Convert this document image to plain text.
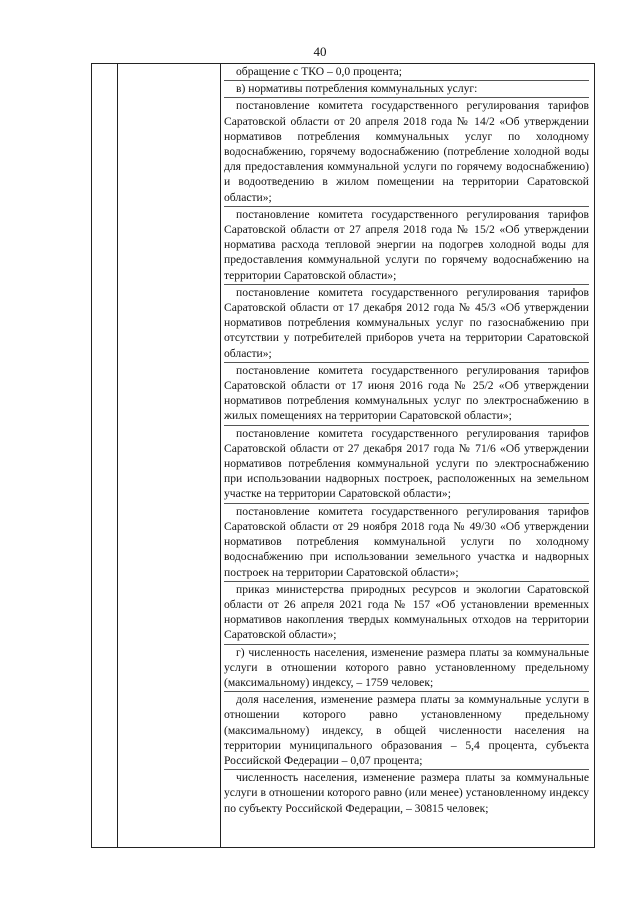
40

обращение с ТКО – 0,0 процента;

в) нормативы потребления коммунальных услуг:

постановление комитета государственного регулирования тарифов Саратовской области от 20 апреля 2018 года № 14/2 «Об утверждении нормативов потребления коммунальных услуг по холодному водоснабжению, горячему водоснабжению (потребление холодной воды для предоставления коммунальной услуги по горячему водоснабжению) и водоотведению в жилом помещении на территории Саратовской области»;

постановление комитета государственного регулирования тарифов Саратовской области от 27 апреля 2018 года № 15/2 «Об утверждении норматива расхода тепловой энергии на подогрев холодной воды для предоставления коммунальной услуги по горячему водоснабжению на территории Саратовской области»;

постановление комитета государственного регулирования тарифов Саратовской области от 17 декабря 2012 года № 45/3 «Об утверждении нормативов потребления коммунальных услуг по газоснабжению при отсутствии у потребителей приборов учета на территории Саратовской области»;

постановление комитета государственного регулирования тарифов Саратовской области от 17 июня 2016 года № 25/2 «Об утверждении нормативов потребления коммунальных услуг по электроснабжению в жилых помещениях на территории Саратовской области»;

постановление комитета государственного регулирования тарифов Саратовской области от 27 декабря 2017 года № 71/6 «Об утверждении нормативов потребления коммунальной услуги по электроснабжению при использовании надворных построек, расположенных на земельном участке на территории Саратовской области»;

постановление комитета государственного регулирования тарифов Саратовской области от 29 ноября 2018 года № 49/30 «Об утверждении нормативов потребления коммунальной услуги по холодному водоснабжению при использовании земельного участка и надворных построек на территории Саратовской области»;

приказ министерства природных ресурсов и экологии Саратовской области от 26 апреля 2021 года № 157 «Об установлении временных нормативов накопления твердых коммунальных отходов на территории Саратовской области»;

г) численность населения, изменение размера платы за коммунальные услуги в отношении которого равно установленному предельному (максимальному) индексу, – 1759 человек;

доля населения, изменение размера платы за коммунальные услуги в отношении которого равно установленному предельному (максимальному) индексу, в общей численности населения на территории муниципального образования – 5,4 процента, субъекта Российской Федерации – 0,07 процента;

численность населения, изменение размера платы за коммунальные услуги в отношении которого равно (или менее) установленному индексу по субъекту Российской Федерации, – 30815 человек;
